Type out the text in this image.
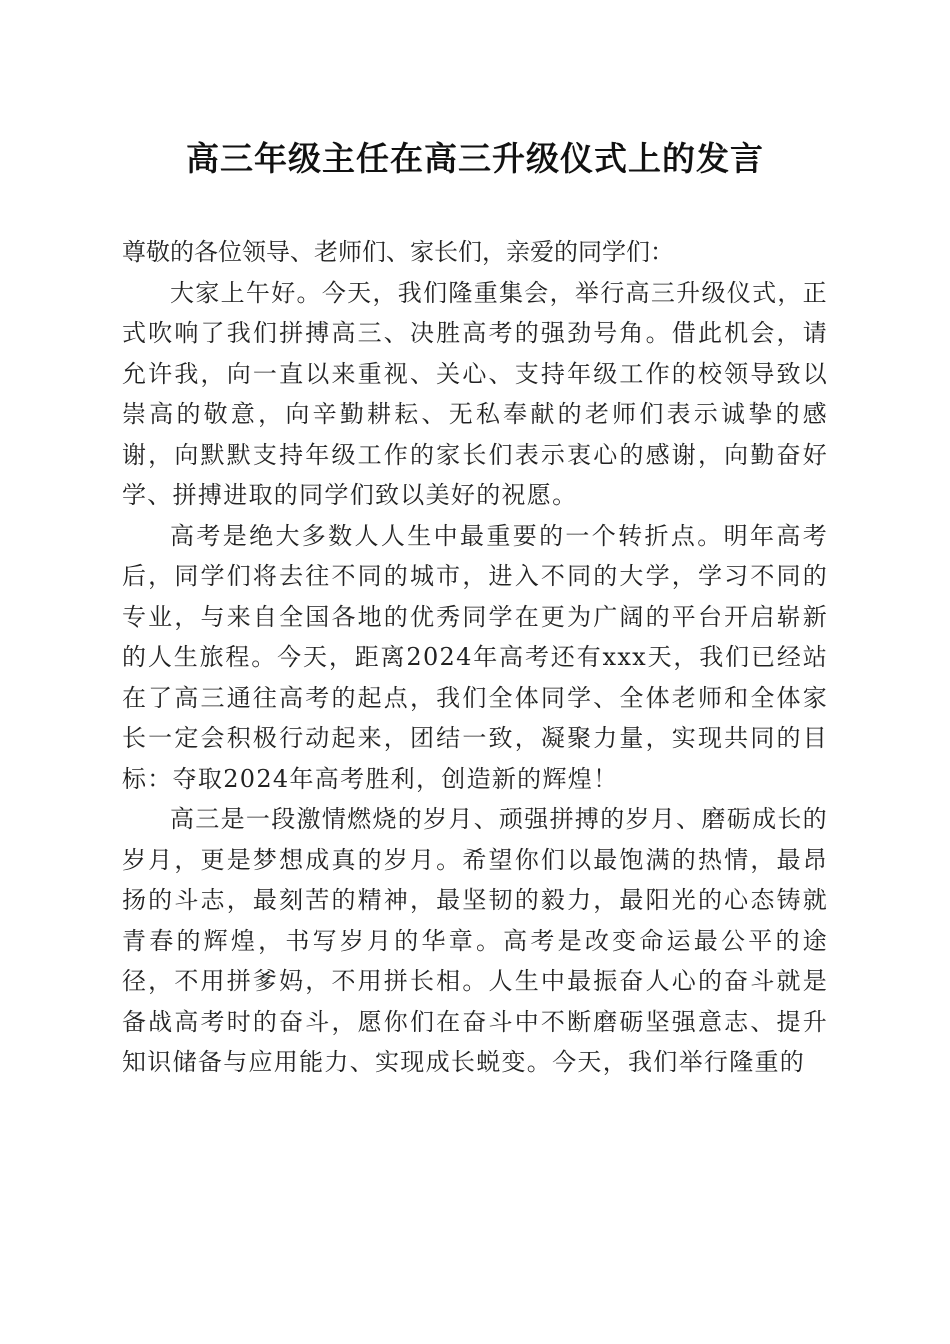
高三年级主任在高三升级仪式上的发言

尊敬的各位领导、老师们、家长们，亲爱的同学们：

大家上午好。今天，我们隆重集会，举行高三升级仪式，正式吹响了我们拼搏高三、决胜高考的强劲号角。借此机会，请允许我，向一直以来重视、关心、支持年级工作的校领导致以崇高的敬意，向辛勤耕耘、无私奉献的老师们表示诚挚的感谢，向默默支持年级工作的家长们表示衷心的感谢，向勤奋好学、拼搏进取的同学们致以美好的祝愿。

高考是绝大多数人人生中最重要的一个转折点。明年高考后，同学们将去往不同的城市，进入不同的大学，学习不同的专业，与来自全国各地的优秀同学在更为广阔的平台开启崭新的人生旅程。今天，距离2024年高考还有xxx天，我们已经站在了高三通往高考的起点，我们全体同学、全体老师和全体家长一定会积极行动起来，团结一致，凝聚力量，实现共同的目标：夺取2024年高考胜利，创造新的辉煌！

高三是一段激情燃烧的岁月、顽强拼搏的岁月、磨砺成长的岁月，更是梦想成真的岁月。希望你们以最饱满的热情，最昂扬的斗志，最刻苦的精神，最坚韧的毅力，最阳光的心态铸就青春的辉煌，书写岁月的华章。高考是改变命运最公平的途径，不用拼爹妈，不用拼长相。人生中最振奋人心的奋斗就是备战高考时的奋斗，愿你们在奋斗中不断磨砺坚强意志、提升知识储备与应用能力、实现成长蜕变。今天，我们举行隆重的
